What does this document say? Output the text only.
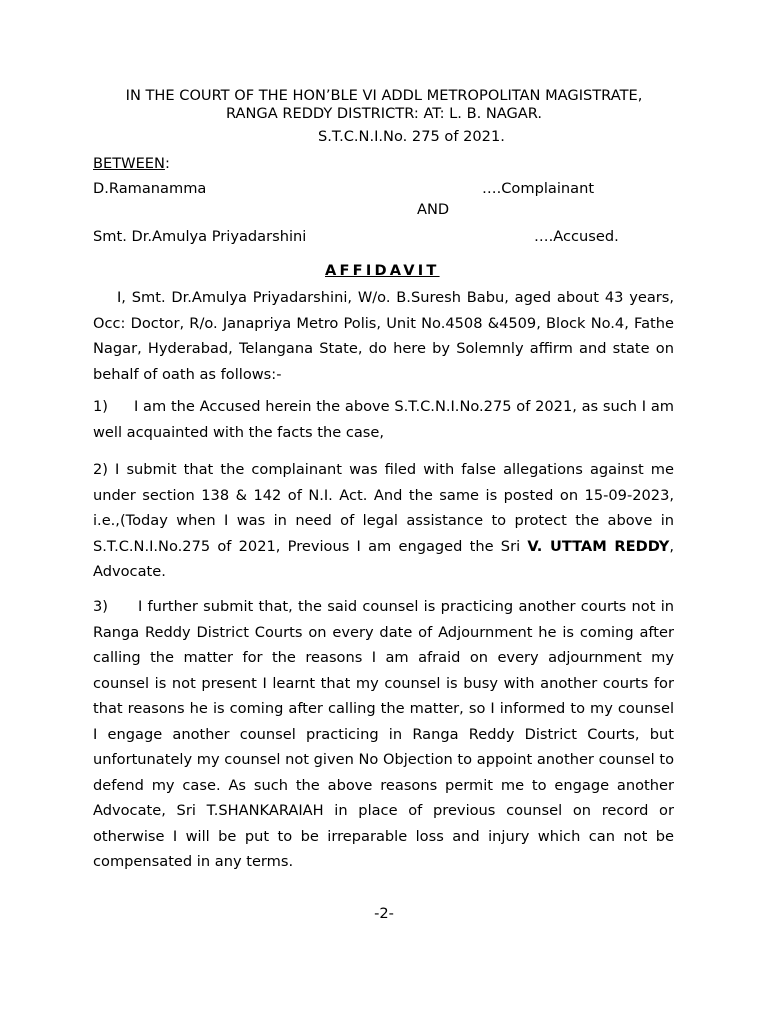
IN THE COURT OF THE HON’BLE VI ADDL METROPOLITAN MAGISTRATE,
RANGA REDDY DISTRICTR: AT: L. B. NAGAR.
S.T.C.N.I.No. 275 of 2021.
BETWEEN:
D.Ramanamma	….Complainant
AND
Smt. Dr.Amulya Priyadarshini	….Accused.
AFFIDAVIT
I, Smt. Dr.Amulya Priyadarshini, W/o. B.Suresh Babu, aged about 43 years, Occ: Doctor, R/o. Janapriya Metro Polis, Unit No.4508 &4509, Block No.4, Fathe Nagar, Hyderabad, Telangana State, do here by Solemnly affirm and state on behalf of oath as follows:-
1) I am the Accused herein the above S.T.C.N.I.No.275 of 2021, as such I am well acquainted with the facts the case,
2) I submit that the complainant was filed with false allegations against me under section 138 & 142 of N.I. Act. And the same is posted on 15-09-2023, i.e.,(Today when I was in need of legal assistance to protect the above in S.T.C.N.I.No.275 of 2021, Previous I am engaged the Sri V. UTTAM REDDY, Advocate.
3) I further submit that, the said counsel is practicing another courts not in Ranga Reddy District Courts on every date of Adjournment he is coming after calling the matter for the reasons I am afraid on every adjournment my counsel is not present I learnt that my counsel is busy with another courts for that reasons he is coming after calling the matter, so I informed to my counsel I engage another counsel practicing in Ranga Reddy District Courts, but unfortunately my counsel not given No Objection to appoint another counsel to defend my case. As such the above reasons permit me to engage another Advocate, Sri T.SHANKARAIAH in place of previous counsel on record or otherwise I will be put to be irreparable loss and injury which can not be compensated in any terms.
-2-
